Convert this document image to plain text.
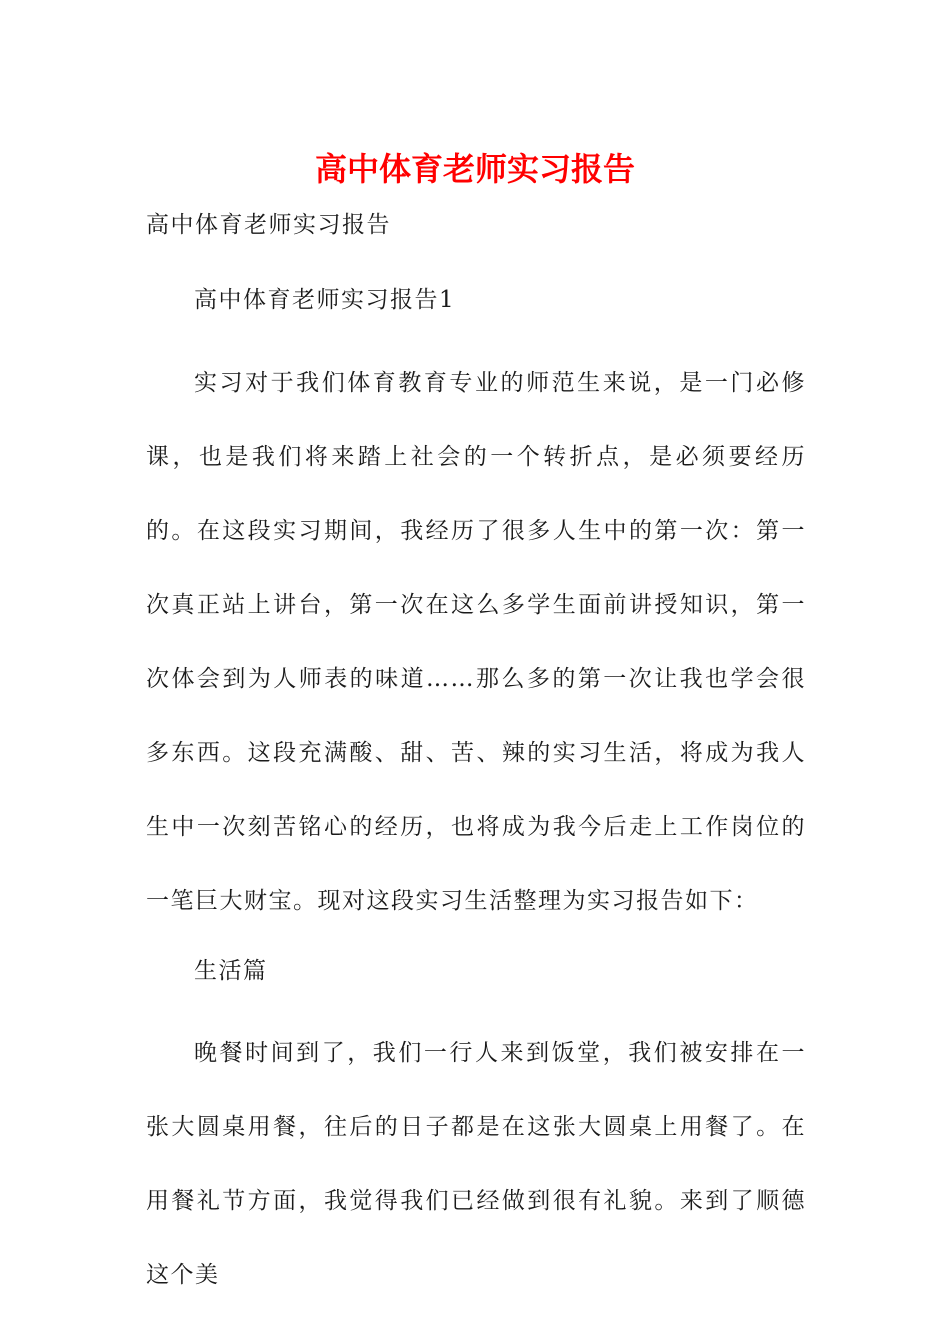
高中体育老师实习报告
高中体育老师实习报告
高中体育老师实习报告1
实习对于我们体育教育专业的师范生来说，是一门必修课，也是我们将来踏上社会的一个转折点，是必须要经历的。在这段实习期间，我经历了很多人生中的第一次：第一次真正站上讲台，第一次在这么多学生面前讲授知识，第一次体会到为人师表的味道……那么多的第一次让我也学会很多东西。这段充满酸、甜、苦、辣的实习生活，将成为我人生中一次刻苦铭心的经历，也将成为我今后走上工作岗位的一笔巨大财宝。现对这段实习生活整理为实习报告如下：
生活篇
晚餐时间到了，我们一行人来到饭堂，我们被安排在一张大圆桌用餐，往后的日子都是在这张大圆桌上用餐了。在用餐礼节方面，我觉得我们已经做到很有礼貌。来到了顺德这个美
